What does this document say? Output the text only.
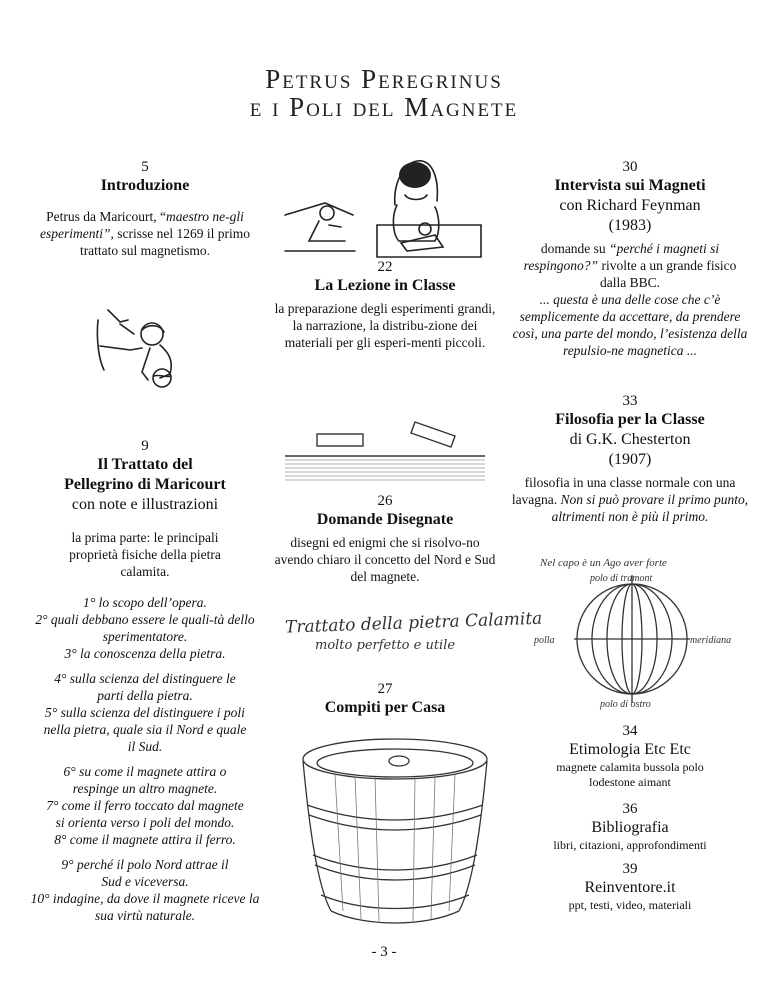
Petrus Peregrinus
e i Poli del Magnete
5
Introduzione

Petrus da Maricourt, “maestro ne-gli esperimenti”, scrisse nel 1269 il primo trattato sul magnetismo.

9
Il Trattato del
Pellegrino di Maricourt
con note e illustrazioni

la prima parte: le principali proprietà fisiche della pietra calamita.

1° lo scopo dell’opera.

2° quali debbano essere le quali-tà dello sperimentatore.

3° la conoscenza della pietra.

4° sulla scienza del distinguere le parti della pietra.

5° sulla scienza del distinguere i poli nella pietra, quale sia il Nord e quale il Sud.

6° su come il magnete attira o respinge un altro magnete.

7° come il ferro toccato dal magnete si orienta verso i poli del mondo.

8° come il magnete attira il ferro.

9° perché il polo Nord attrae il Sud e viceversa.

10° indagine, da dove il magnete riceve la sua virtù naturale.

22
La Lezione in Classe

la preparazione degli esperimenti grandi, la narrazione, la distribu-zione dei materiali per gli esperi-menti piccoli.

26
Domande Disegnate

disegni ed enigmi che si risolvo-no avendo chiaro il concetto del Nord e Sud del magnete.

Trattato della pietra Calamita
molto perfetto e utile
27
Compiti per Casa
30
Intervista sui Magneti
con Richard Feynman
(1983)

domande su “perché i magneti si respingono?” rivolte a un grande fisico dalla BBC.

... questa è una delle cose che c’è semplicemente da accettare, da prendere così, una parte del mondo, l’esistenza della repulsio-ne magnetica ...

33
Filosofia per la Classe
di G.K. Chesterton
(1907)

filosofia in una classe normale con una lavagna. Non si può provare il primo punto, altrimenti non è più il primo.

Nel capo è un Ago aver forte
polo di tramont
polla	meridiana
polo di ostro
34
Etimologia Etc Etc

magnete calamita bussola polo lodestone aimant

36
Bibliografia

libri, citazioni, approfondimenti

39
Reinventore.it

ppt, testi, video, materiali

- 3 -
